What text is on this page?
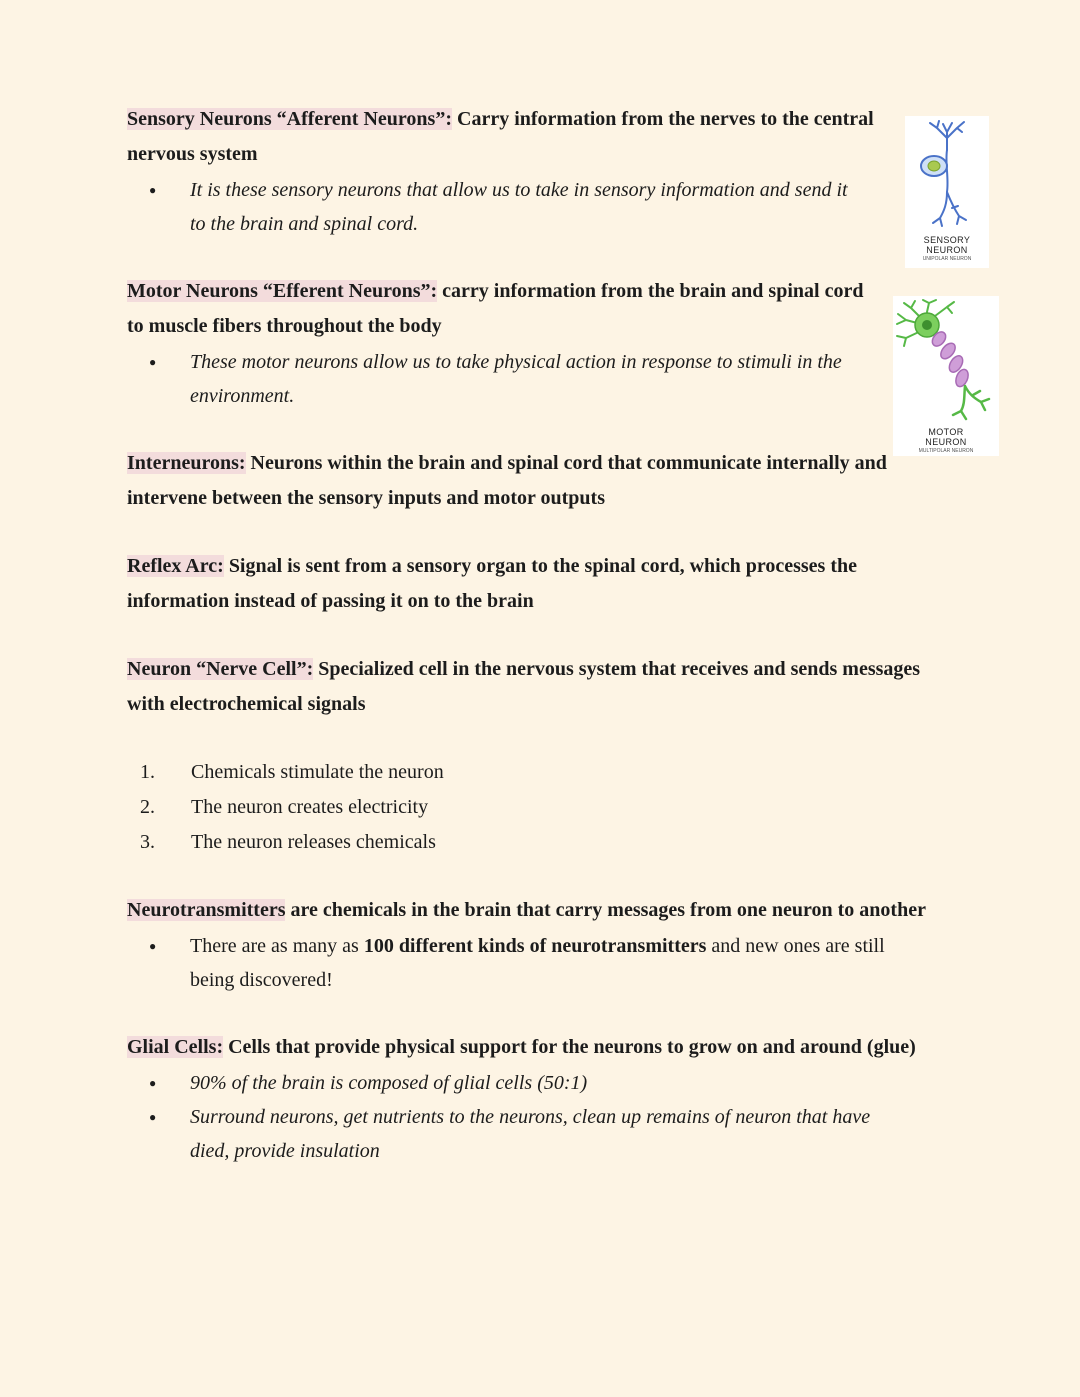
Sensory Neurons “Afferent Neurons”: Carry information from the nerves to the central nervous system
● It is these sensory neurons that allow us to take in sensory information and send it to the brain and spinal cord.
Motor Neurons “Efferent Neurons”: carry information from the brain and spinal cord to muscle fibers throughout the body
● These motor neurons allow us to take physical action in response to stimuli in the environment.
Interneurons: Neurons within the brain and spinal cord that communicate internally and intervene between the sensory inputs and motor outputs
Reflex Arc: Signal is sent from a sensory organ to the spinal cord, which processes the information instead of passing it on to the brain
Neuron “Nerve Cell”: Specialized cell in the nervous system that receives and sends messages with electrochemical signals
Chemicals stimulate the neuron
The neuron creates electricity
The neuron releases chemicals
Neurotransmitters are chemicals in the brain that carry messages from one neuron to another
● There are as many as 100 different kinds of neurotransmitters and new ones are still being discovered!
Glial Cells: Cells that provide physical support for the neurons to grow on and around (glue)
● 90% of the brain is composed of glial cells (50:1)
● Surround neurons, get nutrients to the neurons, clean up remains of neuron that have died, provide insulation
SENSORY
NEURON
UNIPOLAR NEURON
MOTOR
NEURON
MULTIPOLAR NEURON
